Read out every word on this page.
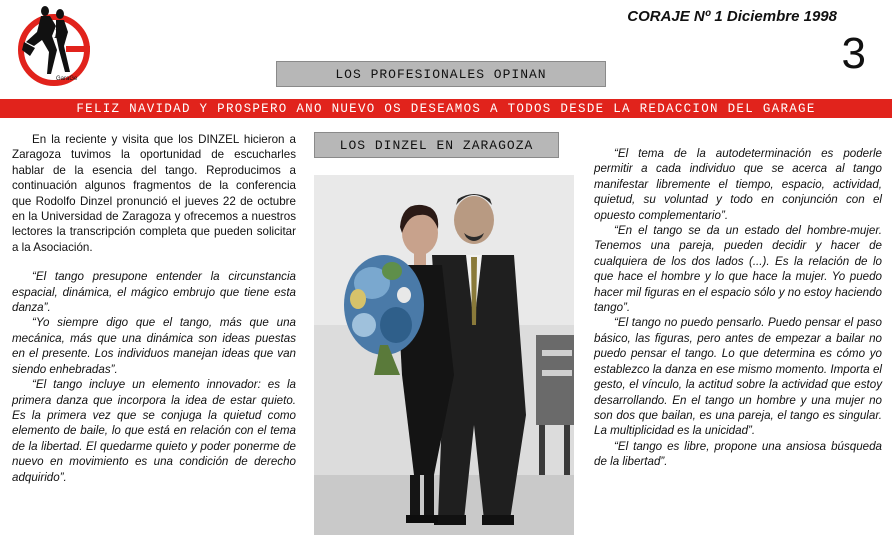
El
GaraGe
CORAJE Nº 1 Diciembre 1998
3
LOS PROFESIONALES OPINAN
FELIZ NAVIDAD Y PROSPERO ANO NUEVO OS DESEAMOS A TODOS DESDE LA REDACCION DEL GARAGE

En la reciente y visita que los DINZEL hicieron a Zaragoza tuvimos la oportunidad de escucharles hablar de la esencia del tango. Reproducimos a continuación algunos fragmentos de la conferencia que Rodolfo Dinzel pronunció el jueves 22 de octubre en la Universidad de Zaragoza y ofrecemos a nuestros lectores la transcripción completa que pueden solicitar a la Asociación.

“El tango presupone entender la circunstancia espacial, dinámica, el mágico embrujo que tiene esta danza”.

“Yo siempre digo que el tango, más que una mecánica, más que una dinámica son ideas puestas en el presente. Los individuos manejan ideas que van siendo enhebradas”.

“El tango incluye un elemento innovador: es la primera danza que incorpora la idea de estar quieto. Es la primera vez que se conjuga la quietud como elemento de baile, lo que está en relación con el tema de la libertad. El quedarme quieto y poder ponerme de nuevo en movimiento es una condición de derecho adquirido”.

LOS DINZEL EN ZARAGOZA

“El tema de la autodeterminación es poderle permitir a cada individuo que se acerca al tango manifestar libremente el tiempo, espacio, actividad, quietud, su voluntad y todo en conjunción con el opuesto complementario”.

“En el tango se da un estado del hombre-mujer. Tenemos una pareja, pueden decidir y hacer de cualquiera de los dos lados (...). Es la relación de lo que hace el hombre y lo que hace la mujer. Yo puedo hacer mil figuras en el espacio sólo y no estoy haciendo tango”.

“El tango no puedo pensarlo. Puedo pensar el paso básico, las figuras, pero antes de empezar a bailar no puedo pensar el tango. Lo que determina es cómo yo establezco la danza en ese mismo momento. Importa el gesto, el vínculo, la actitud sobre la actividad que estoy desarrollando. En el tango un hombre y una mujer no son dos que bailan, es una pareja, el tango es singular. La multiplicidad es la unicidad”.

“El tango es libre, propone una ansiosa búsqueda de la libertad”.
